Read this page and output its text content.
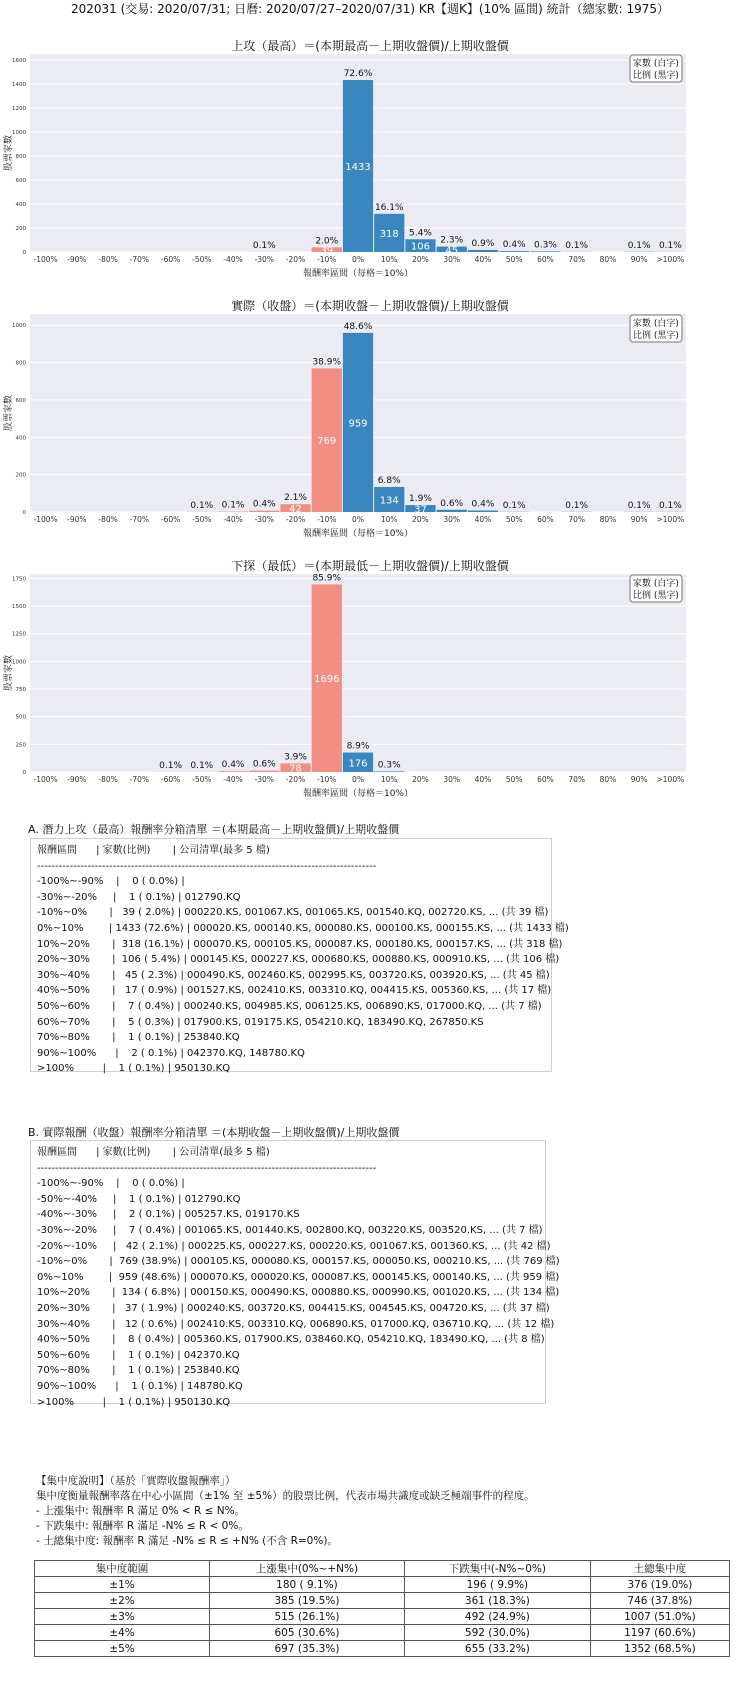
202031 (交易: 2020/07/31; 日曆: 2020/07/27–2020/07/31) KR【週K】(10% 區間) 統計（總家數: 1975）
上攻（最高）＝(本期最高－上期收盤價)/上期收盤價
0
200
400
600
800
1000
1200
1400
1600
股票家數
-100% -90% -80% -70% -60% -50% -40%
0.1%
-30% -20%
2.0%
39
-10%
72.6%
1433
0%
16.1%
318
10%
5.4%
106
20%
2.3%
45
30%
0.9%
40%
0.4%
50%
0.3%
60%
0.1%
70% 80%
0.1%
90%
0.1%
>100%
報酬率區間（每格＝10%）
家數 (白字)
比例 (黑字)
實際（收盤）＝(本期收盤－上期收盤價)/上期收盤價
0
200
400
600
800
1000
股票家數
-100% -90% -80% -70% -60%
0.1%
-50%
0.1%
-40%
0.4%
-30%
2.1%
42
-20%
38.9%
769
-10%
48.6%
959
0%
6.8%
134
10%
1.9%
37
20%
0.6%
30%
0.4%
40%
0.1%
50% 60%
0.1%
70% 80%
0.1%
90%
0.1%
>100%
報酬率區間（每格＝10%）
家數 (白字)
比例 (黑字)
下探（最低）＝(本期最低－上期收盤價)/上期收盤價
0
250
500
750
1000
1250
1500
1750
股票家數
-100% -90% -80% -70%
0.1%
-60%
0.1%
-50%
0.4%
-40%
0.6%
-30%
3.9%
78
-20%
85.9%
1696
-10%
8.9%
176
0%
0.3%
10% 20% 30% 40% 50% 60% 70% 80% 90% >100%
報酬率區間（每格＝10%）
家數 (白字)
比例 (黑字)
A. 潛力上攻（最高）報酬率分箱清單 ＝(本期最高－上期收盤價)/上期收盤價
報酬區間      | 家數(比例)       | 公司清單(最多 5 檔)
----------------------------------------------------------------------------------------------
-100%~-90%    |    0 ( 0.0%) |
-30%~-20%     |    1 ( 0.1%) | 012790.KQ
-10%~0%       |   39 ( 2.0%) | 000220.KS, 001067.KS, 001065.KS, 001540.KQ, 002720.KS, ... (共 39 檔)
0%~10%        | 1433 (72.6%) | 000020.KS, 000140.KS, 000080.KS, 000100.KS, 000155.KS, ... (共 1433 檔)
10%~20%       |  318 (16.1%) | 000070.KS, 000105.KS, 000087.KS, 000180.KS, 000157.KS, ... (共 318 檔)
20%~30%       |  106 ( 5.4%) | 000145.KS, 000227.KS, 000680.KS, 000880.KS, 000910.KS, ... (共 106 檔)
30%~40%       |   45 ( 2.3%) | 000490.KS, 002460.KS, 002995.KS, 003720.KS, 003920.KS, ... (共 45 檔)
40%~50%       |   17 ( 0.9%) | 001527.KS, 002410.KS, 003310.KQ, 004415.KS, 005360.KS, ... (共 17 檔)
50%~60%       |    7 ( 0.4%) | 000240.KS, 004985.KS, 006125.KS, 006890.KS, 017000.KQ, ... (共 7 檔)
60%~70%       |    5 ( 0.3%) | 017900.KS, 019175.KS, 054210.KQ, 183490.KQ, 267850.KS
70%~80%       |    1 ( 0.1%) | 253840.KQ
90%~100%      |    2 ( 0.1%) | 042370.KQ, 148780.KQ
>100%         |    1 ( 0.1%) | 950130.KQ
B. 實際報酬（收盤）報酬率分箱清單 ＝(本期收盤－上期收盤價)/上期收盤價
報酬區間      | 家數(比例)       | 公司清單(最多 5 檔)
----------------------------------------------------------------------------------------------
-100%~-90%    |    0 ( 0.0%) |
-50%~-40%     |    1 ( 0.1%) | 012790.KQ
-40%~-30%     |    2 ( 0.1%) | 005257.KS, 019170.KS
-30%~-20%     |    7 ( 0.4%) | 001065.KS, 001440.KS, 002800.KQ, 003220.KS, 003520.KS, ... (共 7 檔)
-20%~-10%     |   42 ( 2.1%) | 000225.KS, 000227.KS, 000220.KS, 001067.KS, 001360.KS, ... (共 42 檔)
-10%~0%       |  769 (38.9%) | 000105.KS, 000080.KS, 000157.KS, 000050.KS, 000210.KS, ... (共 769 檔)
0%~10%        |  959 (48.6%) | 000070.KS, 000020.KS, 000087.KS, 000145.KS, 000140.KS, ... (共 959 檔)
10%~20%       |  134 ( 6.8%) | 000150.KS, 000490.KS, 000880.KS, 000990.KS, 001020.KS, ... (共 134 檔)
20%~30%       |   37 ( 1.9%) | 000240.KS, 003720.KS, 004415.KS, 004545.KS, 004720.KS, ... (共 37 檔)
30%~40%       |   12 ( 0.6%) | 002410.KS, 003310.KQ, 006890.KS, 017000.KQ, 036710.KQ, ... (共 12 檔)
40%~50%       |    8 ( 0.4%) | 005360.KS, 017900.KS, 038460.KQ, 054210.KQ, 183490.KQ, ... (共 8 檔)
50%~60%       |    1 ( 0.1%) | 042370.KQ
70%~80%       |    1 ( 0.1%) | 253840.KQ
90%~100%      |    1 ( 0.1%) | 148780.KQ
>100%         |    1 ( 0.1%) | 950130.KQ
【集中度說明】（基於「實際收盤報酬率」）
集中度衡量報酬率落在中心小區間（±1% 至 ±5%）的股票比例，代表市場共識度或缺乏極端事件的程度。
- 上漲集中: 報酬率 R 滿足 0% < R ≤ N%。
- 下跌集中: 報酬率 R 滿足 -N% ≤ R < 0%。
- 土總集中度: 報酬率 R 滿足 -N% ≤ R ≤ +N% (不含 R=0%)。
集中度範圍	上漲集中(0%~+N%)	下跌集中(-N%~0%)	土總集中度
±1%	180 ( 9.1%)	196 ( 9.9%)	376 (19.0%)
±2%	385 (19.5%)	361 (18.3%)	746 (37.8%)
±3%	515 (26.1%)	492 (24.9%)	1007 (51.0%)
±4%	605 (30.6%)	592 (30.0%)	1197 (60.6%)
±5%	697 (35.3%)	655 (33.2%)	1352 (68.5%)
